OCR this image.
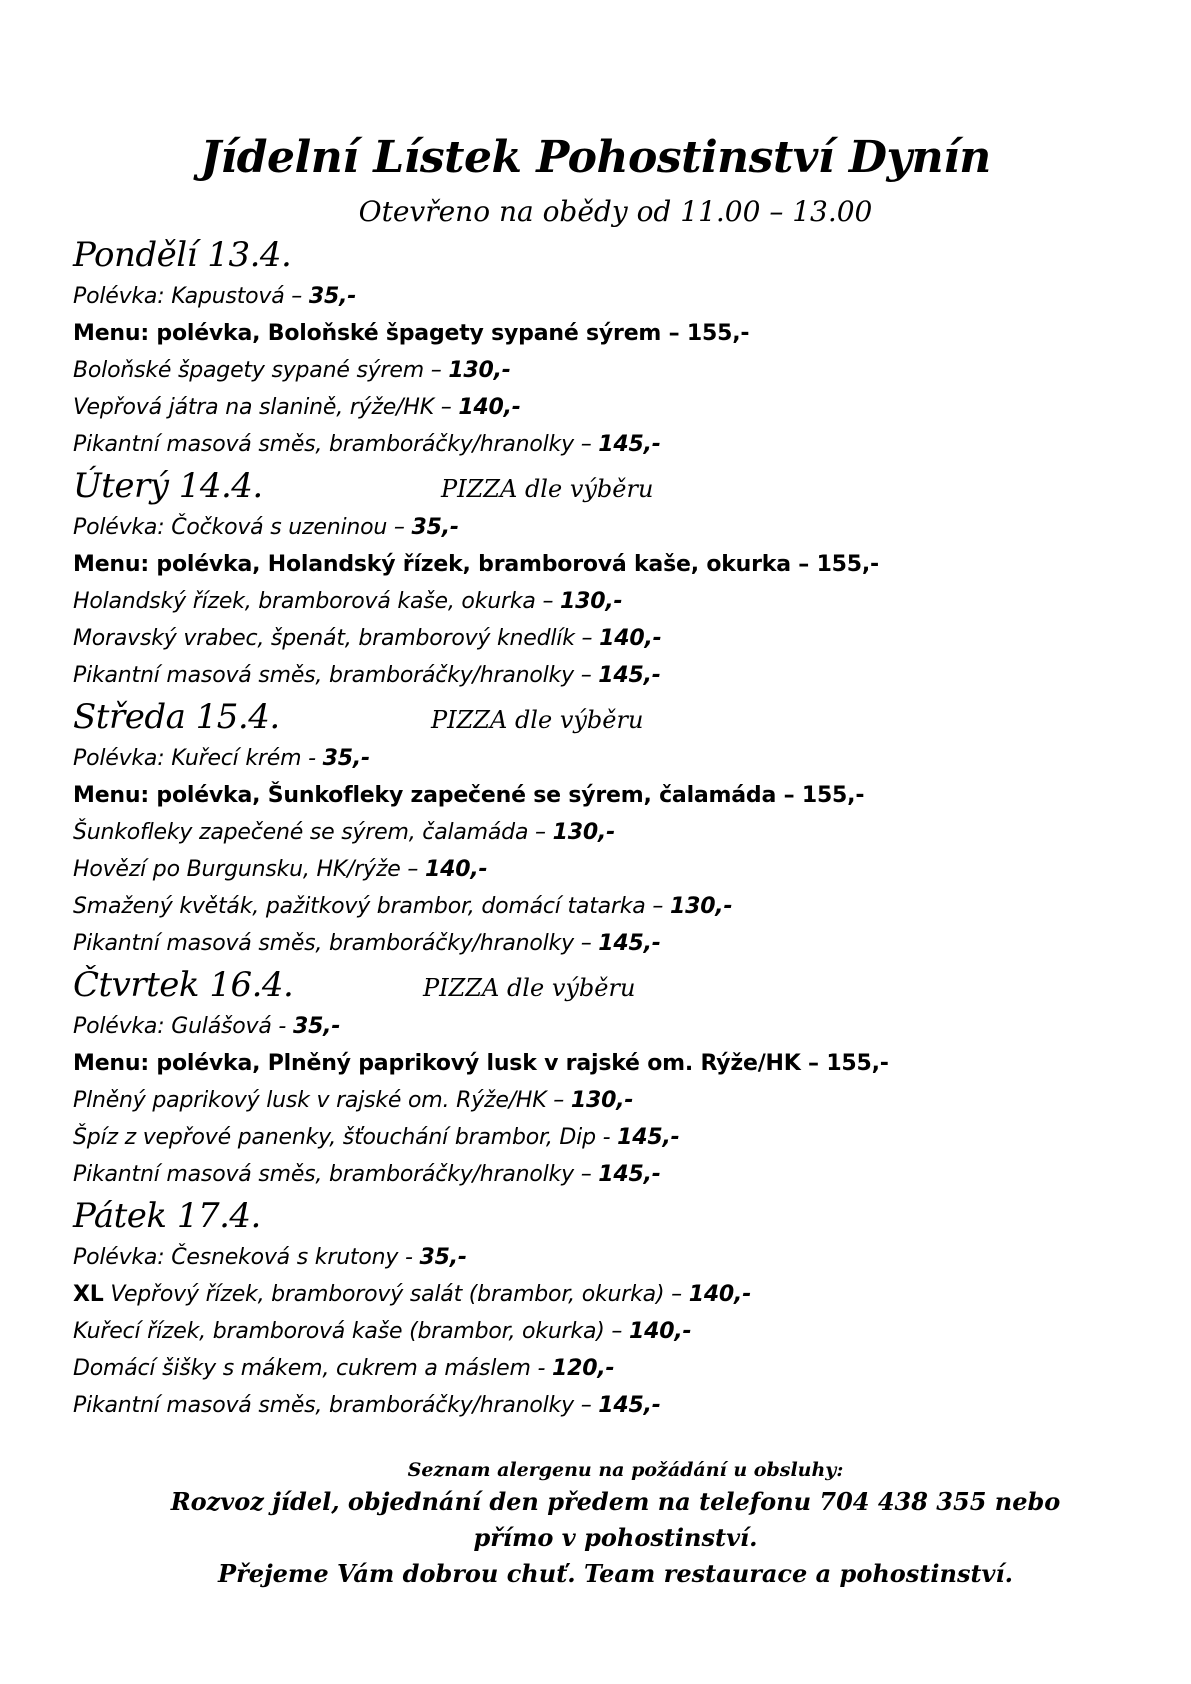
Jídelní Lístek Pohostinství Dynín

Otevřeno na obědy od 11.00 – 13.00

Pondělí 13.4.
Polévka: Kapustová – 35,-
Menu: polévka, Boloňské špagety sypané sýrem – 155,-
Boloňské špagety sypané sýrem – 130,-
Vepřová játra na slanině, rýže/HK – 140,-
Pikantní masová směs, bramboráčky/hranolky – 145,-
Úterý 14.4.	PIZZA dle výběru
Polévka: Čočková s uzeninou – 35,-
Menu: polévka, Holandský řízek, bramborová kaše, okurka – 155,-
Holandský řízek, bramborová kaše, okurka – 130,-
Moravský vrabec, špenát, bramborový knedlík – 140,-
Pikantní masová směs, bramboráčky/hranolky – 145,-
Středa 15.4.	PIZZA dle výběru
Polévka: Kuřecí krém - 35,-
Menu: polévka, Šunkofleky zapečené se sýrem, čalamáda – 155,-
Šunkofleky zapečené se sýrem, čalamáda – 130,-
Hovězí po Burgunsku, HK/rýže – 140,-
Smažený květák, pažitkový brambor, domácí tatarka – 130,-
Pikantní masová směs, bramboráčky/hranolky – 145,-
Čtvrtek 16.4.	PIZZA dle výběru
Polévka: Gulášová - 35,-
Menu: polévka, Plněný paprikový lusk v rajské om. Rýže/HK – 155,-
Plněný paprikový lusk v rajské om. Rýže/HK – 130,-
Špíz z vepřové panenky, šťouchání brambor, Dip - 145,-
Pikantní masová směs, bramboráčky/hranolky – 145,-
Pátek 17.4.
Polévka: Česneková s krutony - 35,-
XL Vepřový řízek, bramborový salát (brambor, okurka) – 140,-
Kuřecí řízek, bramborová kaše (brambor, okurka) – 140,-
Domácí šišky s mákem, cukrem a máslem - 120,-
Pikantní masová směs, bramboráčky/hranolky – 145,-

Seznam alergenu na požádání u obsluhy:

Rozvoz jídel, objednání den předem na telefonu 704 438 355 nebo přímo v pohostinství.

Přejeme Vám dobrou chuť. Team restaurace a pohostinství.
